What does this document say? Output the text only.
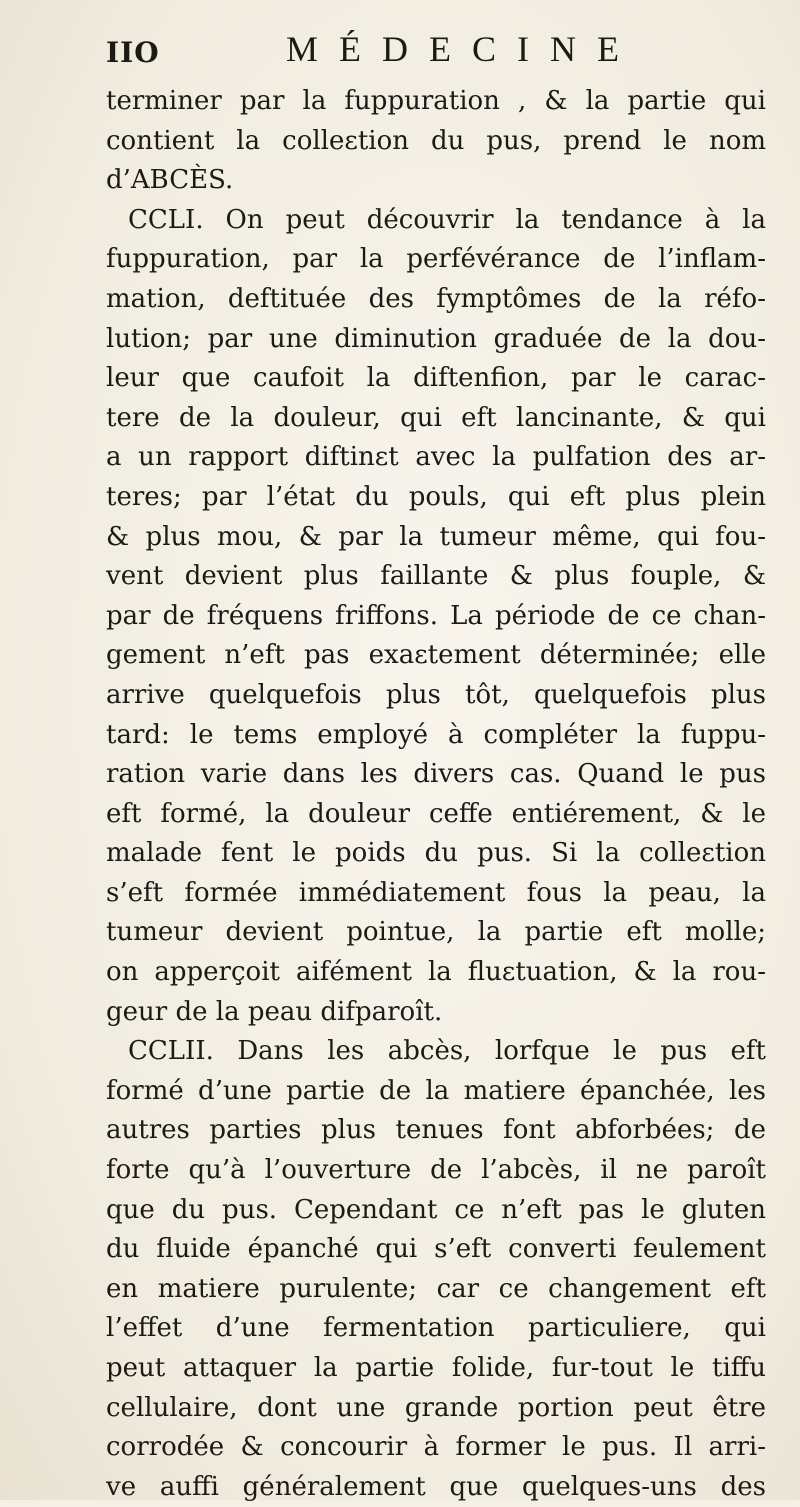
IIO	MÉDECINE
terminer par la fuppuration , & la partie qui
contient la colleɛtion du pus, prend le nom
d’ABCÈS.
CCLI. On peut découvrir la tendance à la
fuppuration, par la perfévérance de l’inflam-
mation, deftituée des fymptômes de la réfo-
lution; par une diminution graduée de la dou-
leur que caufoit la diftenfion, par le carac-
tere de la douleur, qui eft lancinante, & qui
a un rapport diftinɛt avec la pulfation des ar-
teres; par l’état du pouls, qui eft plus plein
& plus mou, & par la tumeur même, qui fou-
vent devient plus faillante & plus fouple, &
par de fréquens friffons. La période de ce chan-
gement n’eft pas exaɛtement déterminée; elle
arrive quelquefois plus tôt, quelquefois plus
tard: le tems employé à compléter la fuppu-
ration varie dans les divers cas. Quand le pus
eft formé, la douleur ceffe entiérement, & le
malade fent le poids du pus. Si la colleɛtion
s’eft formée immédiatement fous la peau, la
tumeur devient pointue, la partie eft molle;
on apperçoit aifément la fluɛtuation, & la rou-
geur de la peau difparoît.
CCLII. Dans les abcès, lorfque le pus eft
formé d’une partie de la matiere épanchée, les
autres parties plus tenues font abforbées; de
forte qu’à l’ouverture de l’abcès, il ne paroît
que du pus. Cependant ce n’eft pas le gluten
du fluide épanché qui s’eft converti feulement
en matiere purulente; car ce changement eft
l’effet d’une fermentation particuliere, qui
peut attaquer la partie folide, fur-tout le tiffu
cellulaire, dont une grande portion peut être
corrodée & concourir à former le pus. Il arri-
ve auffi généralement que quelques-uns des
